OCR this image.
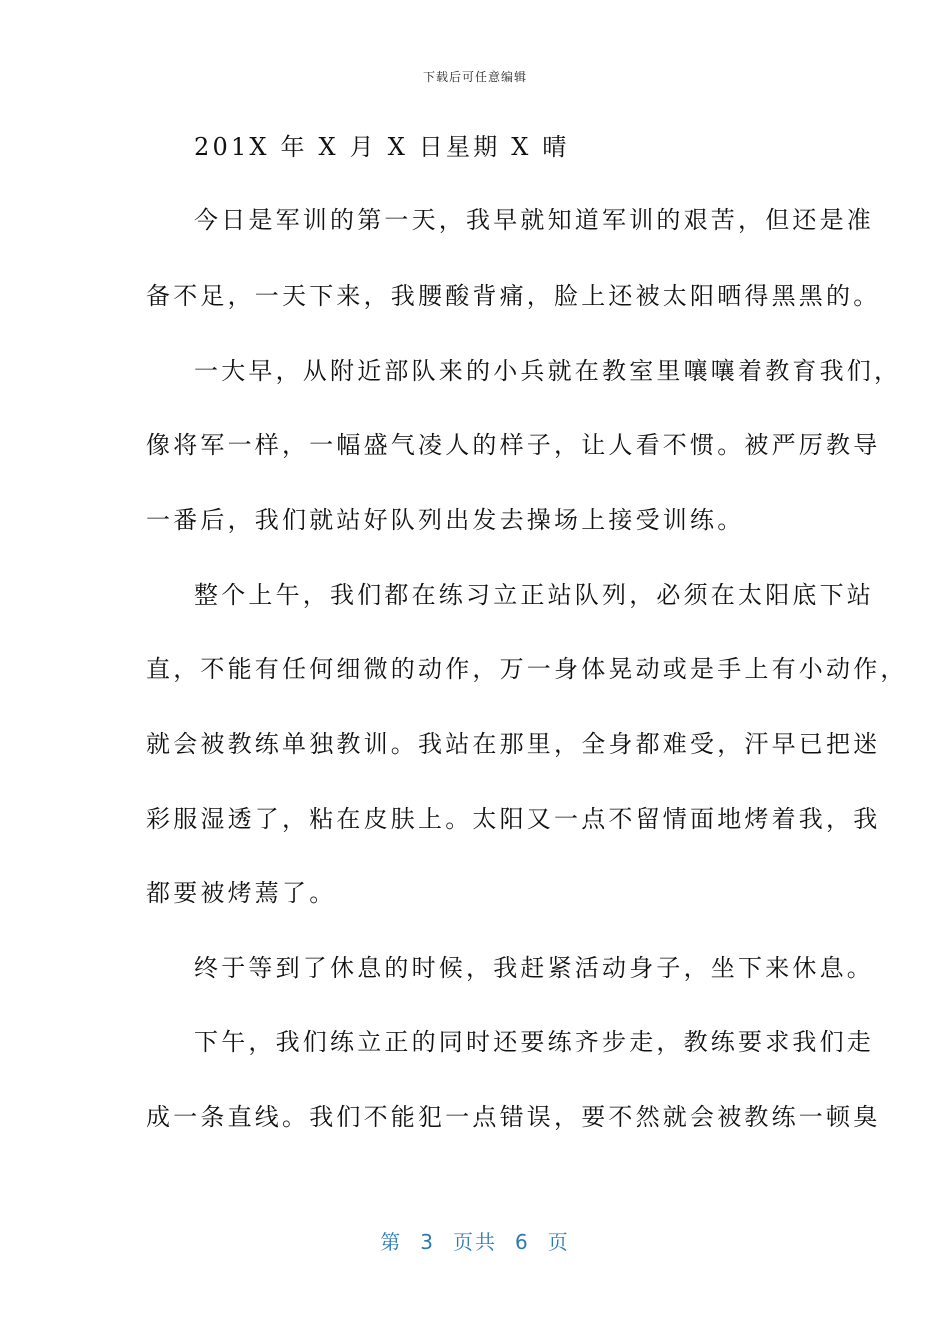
下载后可任意编辑
201X 年 X 月 X 日星期 X 晴
今日是军训的第一天，我早就知道军训的艰苦，但还是准
备不足，一天下来，我腰酸背痛，脸上还被太阳晒得黑黑的。
一大早，从附近部队来的小兵就在教室里嚷嚷着教育我们，
像将军一样，一幅盛气凌人的样子，让人看不惯。被严厉教导
一番后，我们就站好队列出发去操场上接受训练。
整个上午，我们都在练习立正站队列，必须在太阳底下站
直，不能有任何细微的动作，万一身体晃动或是手上有小动作，
就会被教练单独教训。我站在那里，全身都难受，汗早已把迷
彩服湿透了，粘在皮肤上。太阳又一点不留情面地烤着我，我
都要被烤蔫了。
终于等到了休息的时候，我赶紧活动身子，坐下来休息。
下午，我们练立正的同时还要练齐步走，教练要求我们走
成一条直线。我们不能犯一点错误，要不然就会被教练一顿臭
第 3 页共 6 页
